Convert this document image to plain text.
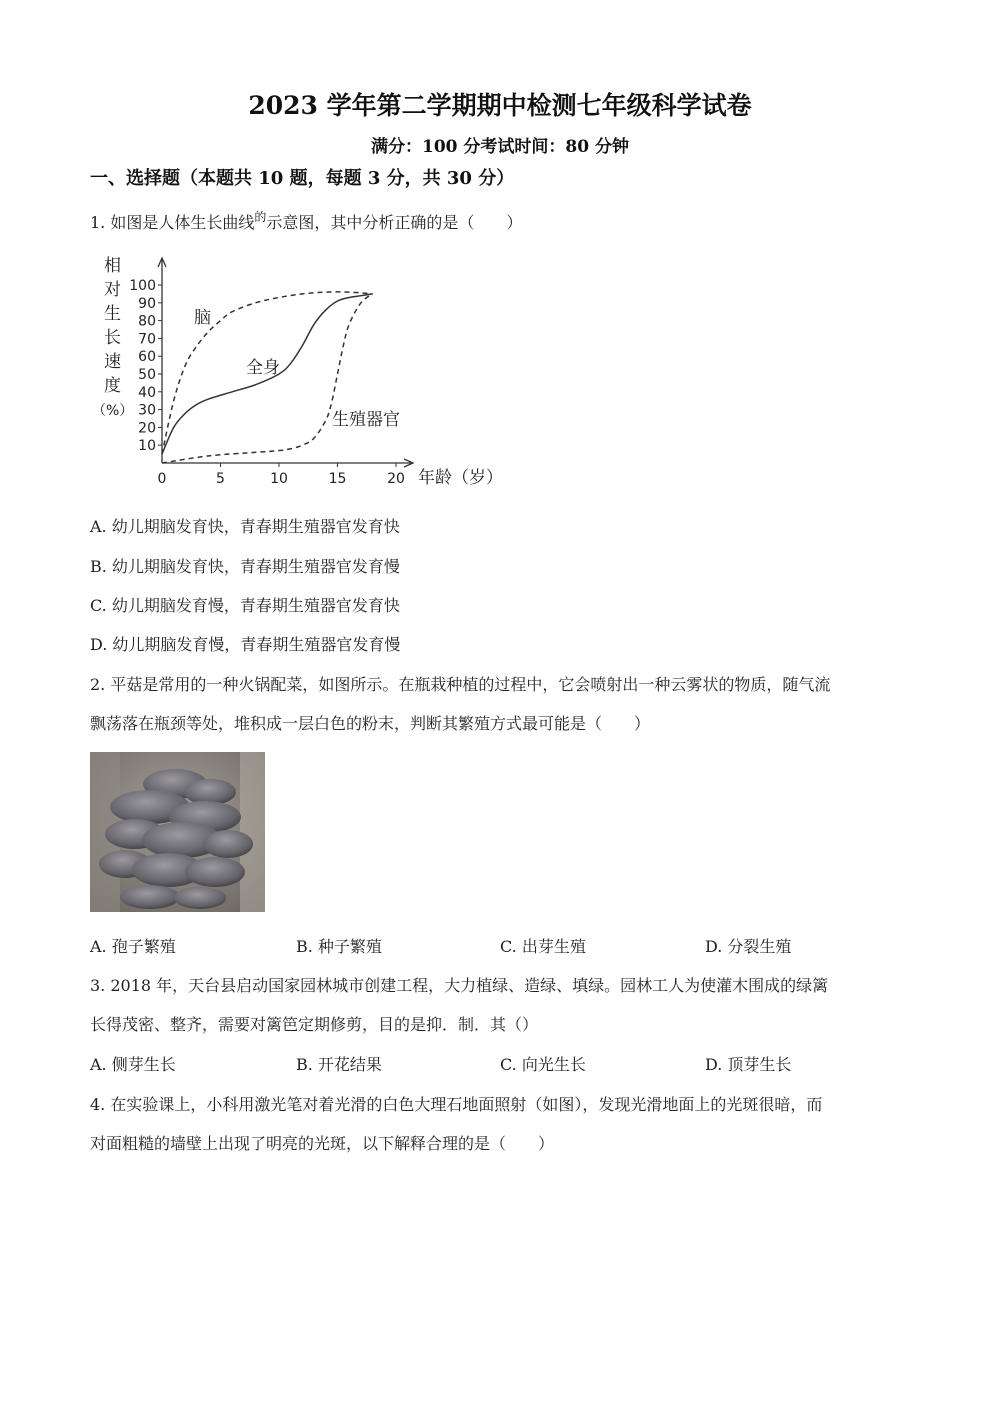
2023 学年第二学期期中检测七年级科学试卷
满分：100 分考试时间：80 分钟
一、选择题（本题共 10 题，每题 3 分，共 30 分）
1. 如图是人体生长曲线$^的$示意图，其中分析正确的是（　　）
相
对
生
长
速
度
（%）
10
20
30
40
50
60
70
80
90
100
0	5	10	15	20
脑
全身
生殖器官
年龄（岁）
A. 幼儿期脑发育快，青春期生殖器官发育快
B. 幼儿期脑发育快，青春期生殖器官发育慢
C. 幼儿期脑发育慢，青春期生殖器官发育快
D. 幼儿期脑发育慢，青春期生殖器官发育慢
2. 平菇是常用的一种火锅配菜，如图所示。在瓶栽种植的过程中，它会喷射出一种云雾状的物质，随气流
飘荡落在瓶颈等处，堆积成一层白色的粉末，判断其繁殖方式最可能是（　　）
A. 孢子繁殖	B. 种子繁殖	C. 出芽生殖	D. 分裂生殖
3. 2018 年，天台县启动国家园林城市创建工程，大力植绿、造绿、填绿。园林工人为使灌木围成的绿篱
长得茂密、整齐，需要对篱笆定期修剪，目的是抑．制．其（）
A. 侧芽生长	B. 开花结果	C. 向光生长	D. 顶芽生长
4. 在实验课上，小科用激光笔对着光滑的白色大理石地面照射（如图），发现光滑地面上的光斑很暗，而
对面粗糙的墙壁上出现了明亮的光斑，以下解释合理的是（　　）
